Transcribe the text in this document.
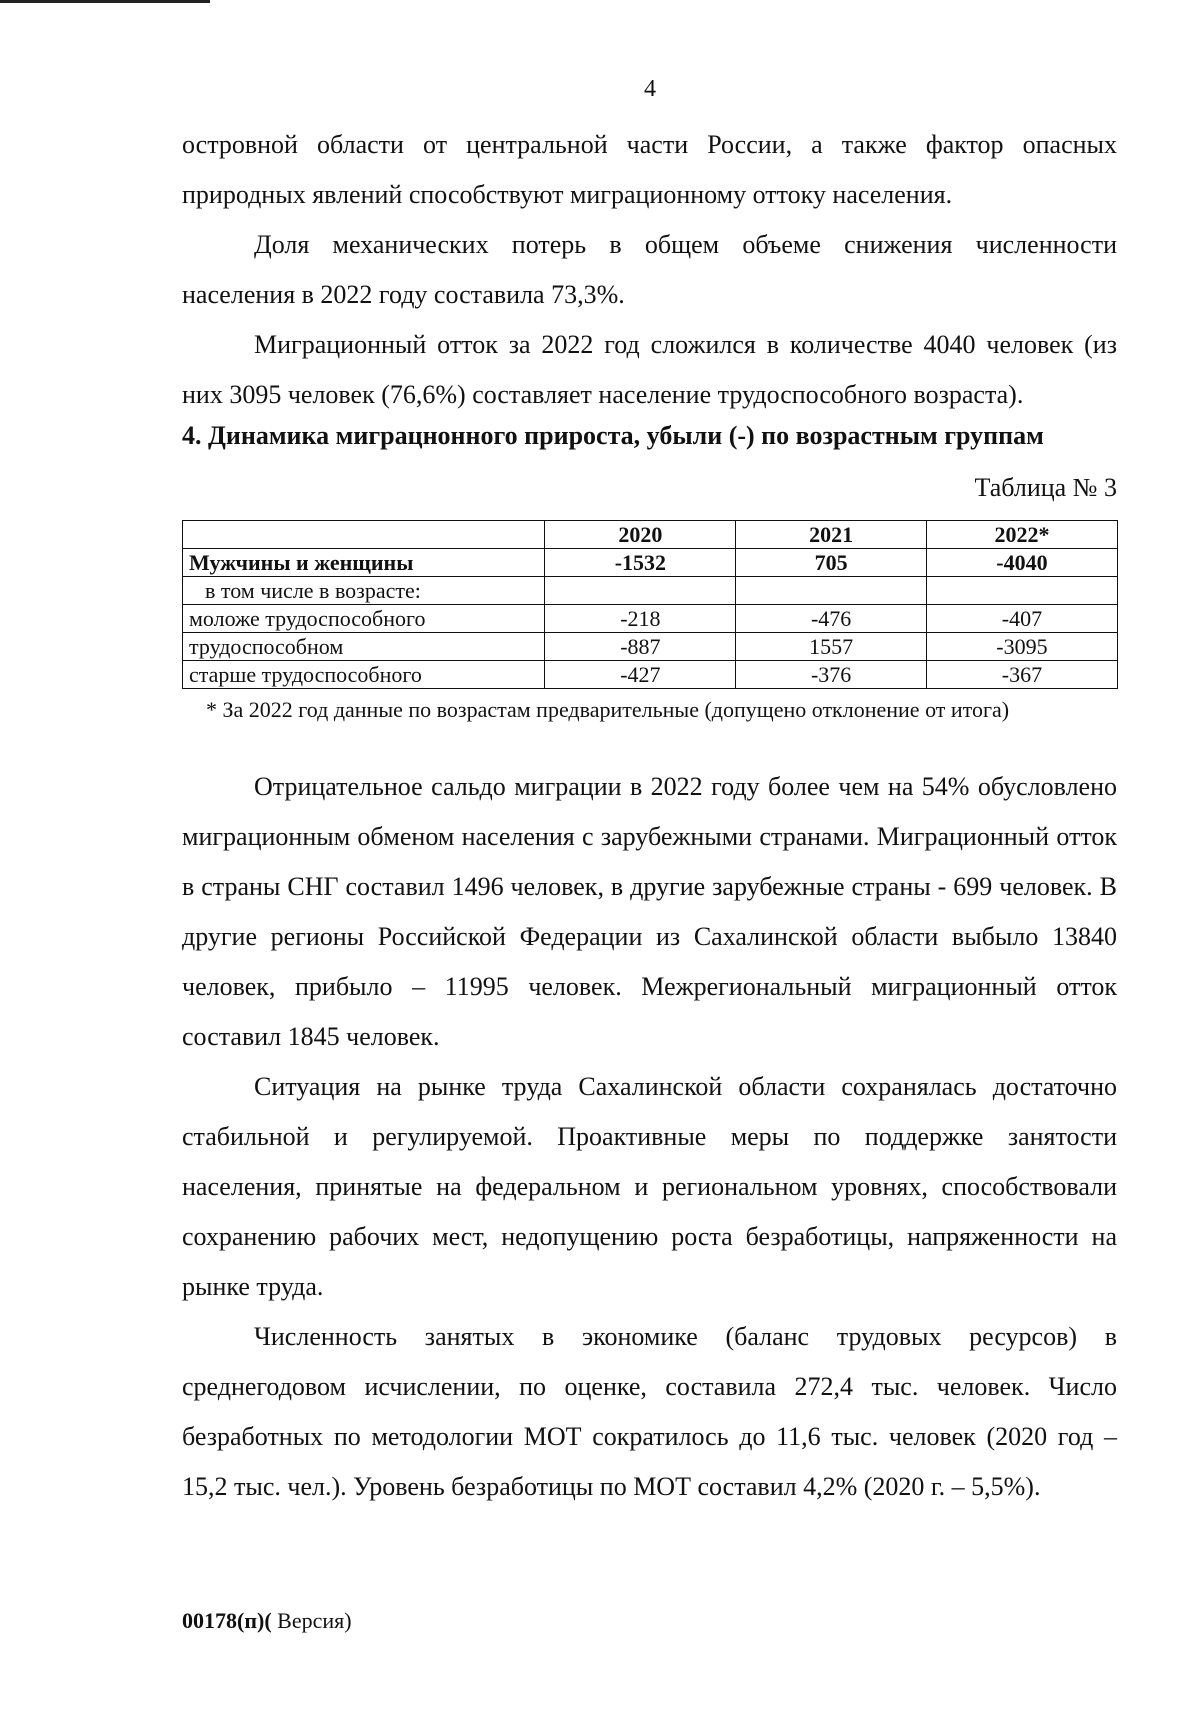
4

островной области от центральной части России, а также фактор опасных природных явлений способствуют миграционному оттоку населения.

Доля механических потерь в общем объеме снижения численности населения в 2022 году составила 73,3%.

Миграционный отток за 2022 год сложился в количестве 4040 человек (из них 3095 человек (76,6%) составляет население трудоспособного возраста).

4. Динамика миграцнонного прироста, убыли (-) по возрастным группам
Таблица № 3
	2020	2021	2022*
Мужчины и женщины	-1532	705	-4040
в том числе в возрасте:			
моложе трудоспособного	-218	-476	-407
трудоспособном	-887	1557	-3095
старше трудоспособного	-427	-376	-367
* За 2022 год данные по возрастам предварительные (допущено отклонение от итога)

Отрицательное сальдо миграции в 2022 году более чем на 54% обусловлено миграционным обменом населения с зарубежными странами. Миграционный отток в страны СНГ составил 1496 человек, в другие зарубежные страны - 699 человек. В другие регионы Российской Федерации из Сахалинской области выбыло 13840 человек, прибыло – 11995 человек. Межрегиональный миграционный отток составил 1845 человек.

Ситуация на рынке труда Сахалинской области сохранялась достаточно стабильной и регулируемой. Проактивные меры по поддержке занятости населения, принятые на федеральном и региональном уровнях, способствовали сохранению рабочих мест, недопущению роста безработицы, напряженности на рынке труда.

Численность занятых в экономике (баланс трудовых ресурсов) в среднегодовом исчислении, по оценке, составила 272,4 тыс. человек. Число безработных по методологии МОТ сократилось до 11,6 тыс. человек (2020 год – 15,2 тыс. чел.). Уровень безработицы по МОТ составил 4,2% (2020 г. – 5,5%).

00178(п)( Версия)
